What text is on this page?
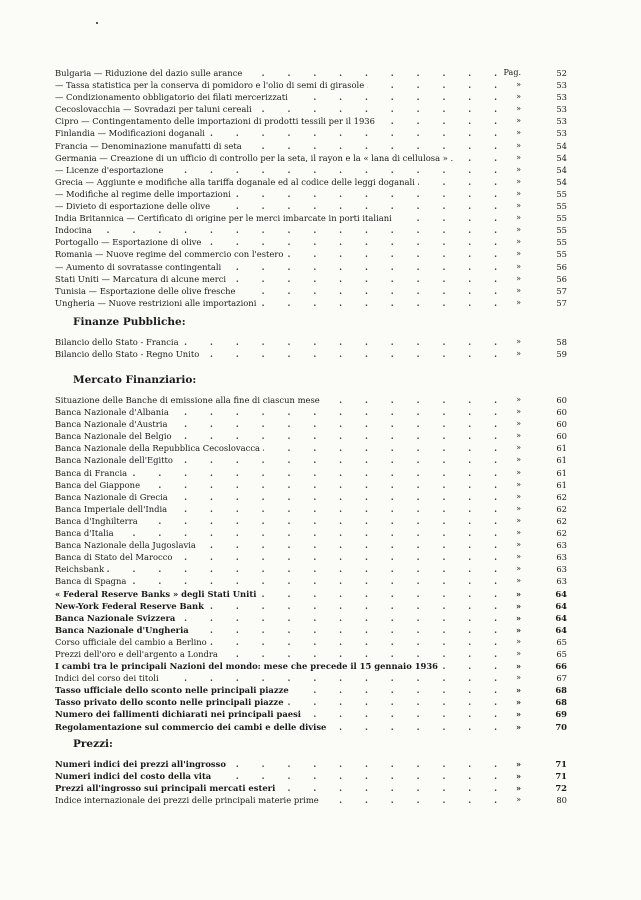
. . .
Bulgaria — Riduzione del dazio sulle arance	Pag.	52
. . .
— Tassa statistica per la conserva di pomidoro e l'olio di semi di girasole	»	53
. . .
— Condizionamento obbligatorio dei filati mercerizzati	»	53
. . .
Cecoslovacchia — Sovradazi per taluni cereali	»	53
. . .
Cipro — Contingentamento delle importazioni di prodotti tessili per il 1936	»	53
. . .
Finlandia — Modificazioni doganali	»	53
. . .
Francia — Denominazione manufatti di seta	»	54
. . .
Germania — Creazione di un ufficio di controllo per la seta, il rayon e la « lana di cellulosa » .	»	54
. . .
— Licenze d'esportazione	»	54
. . .
Grecia — Aggiunte e modifiche alla tariffa doganale ed al codice delle leggi doganali	»	54
. . .
— Modifiche al regime delle importazioni	»	55
. . .
— Divieto di esportazione delle olive	»	55
. . .
India Britannica — Certificato di origine per le merci imbarcate in porti italiani	»	55
. . .
Indocina	»	55
. . .
Portogallo — Esportazione di olive	»	55
. . .
Romania — Nuove regime del commercio con l'estero	»	55
. . .
— Aumento di sovratasse contingentali	»	56
. . .
Stati Uniti — Marcatura di alcune merci	»	56
. . .
Tunisia — Esportazione delle olive fresche	»	57
. . .
Ungheria — Nuove restrizioni alle importazioni	»	57
Finanze Pubbliche:
. . .
Bilancio dello Stato - Francia	»	58
. . .
Bilancio dello Stato - Regno Unito	»	59
Mercato Finanziario:
. . .
Situazione delle Banche di emissione alla fine di ciascun mese	»	60
. . .
Banca Nazionale d'Albania	»	60
. . .
Banca Nazionale d'Austria	»	60
. . .
Banca Nazionale del Belgio	»	60
. . .
Banca Nazionale della Repubblica Cecoslovacca	»	61
. . .
Banca Nazionale dell'Egitto	»	61
. . .
Banca di Francia	»	61
. . .
Banca del Giappone	»	61
. . .
Banca Nazionale di Grecia	»	62
. . .
Banca Imperiale dell'India	»	62
. . .
Banca d'Inghilterra	»	62
. . .
Banca d'Italia	»	62
. . .
Banca Nazionale della Jugoslavia	»	63
. . .
Banca di Stato del Marocco	»	63
. . .
Reichsbank	»	63
. . .
Banca di Spagna	»	63
. . .
« Federal Reserve Banks » degli Stati Uniti	»	64
. . .
New-York Federal Reserve Bank	»	64
. . .
Banca Nazionale Svizzera	»	64
. . .
Banca Nazionale d'Ungheria	»	64
. . .
Corso ufficiale del cambio a Berlino	»	65
. . .
Prezzi dell'oro e dell'argento a Londra	»	65
. . .
I cambi tra le principali Nazioni del mondo: mese che precede il 15 gennaio 1936	»	66
. . .
Indici del corso dei titoli	»	67
. . .
Tasso ufficiale dello sconto nelle principali piazze	»	68
. . .
Tasso privato dello sconto nelle principali piazze	»	68
. . .
Numero dei fallimenti dichiarati nei principali paesi	»	69
. . .
Regolamentazione sul commercio dei cambi e delle divise	»	70
Prezzi:
. . .
Numeri indici dei prezzi all'ingrosso	»	71
. . .
Numeri indici del costo della vita	»	71
. . .
Prezzi all'ingrosso sui principali mercati esteri	»	72
. . .
Indice internazionale dei prezzi delle principali materie prime	»	80
